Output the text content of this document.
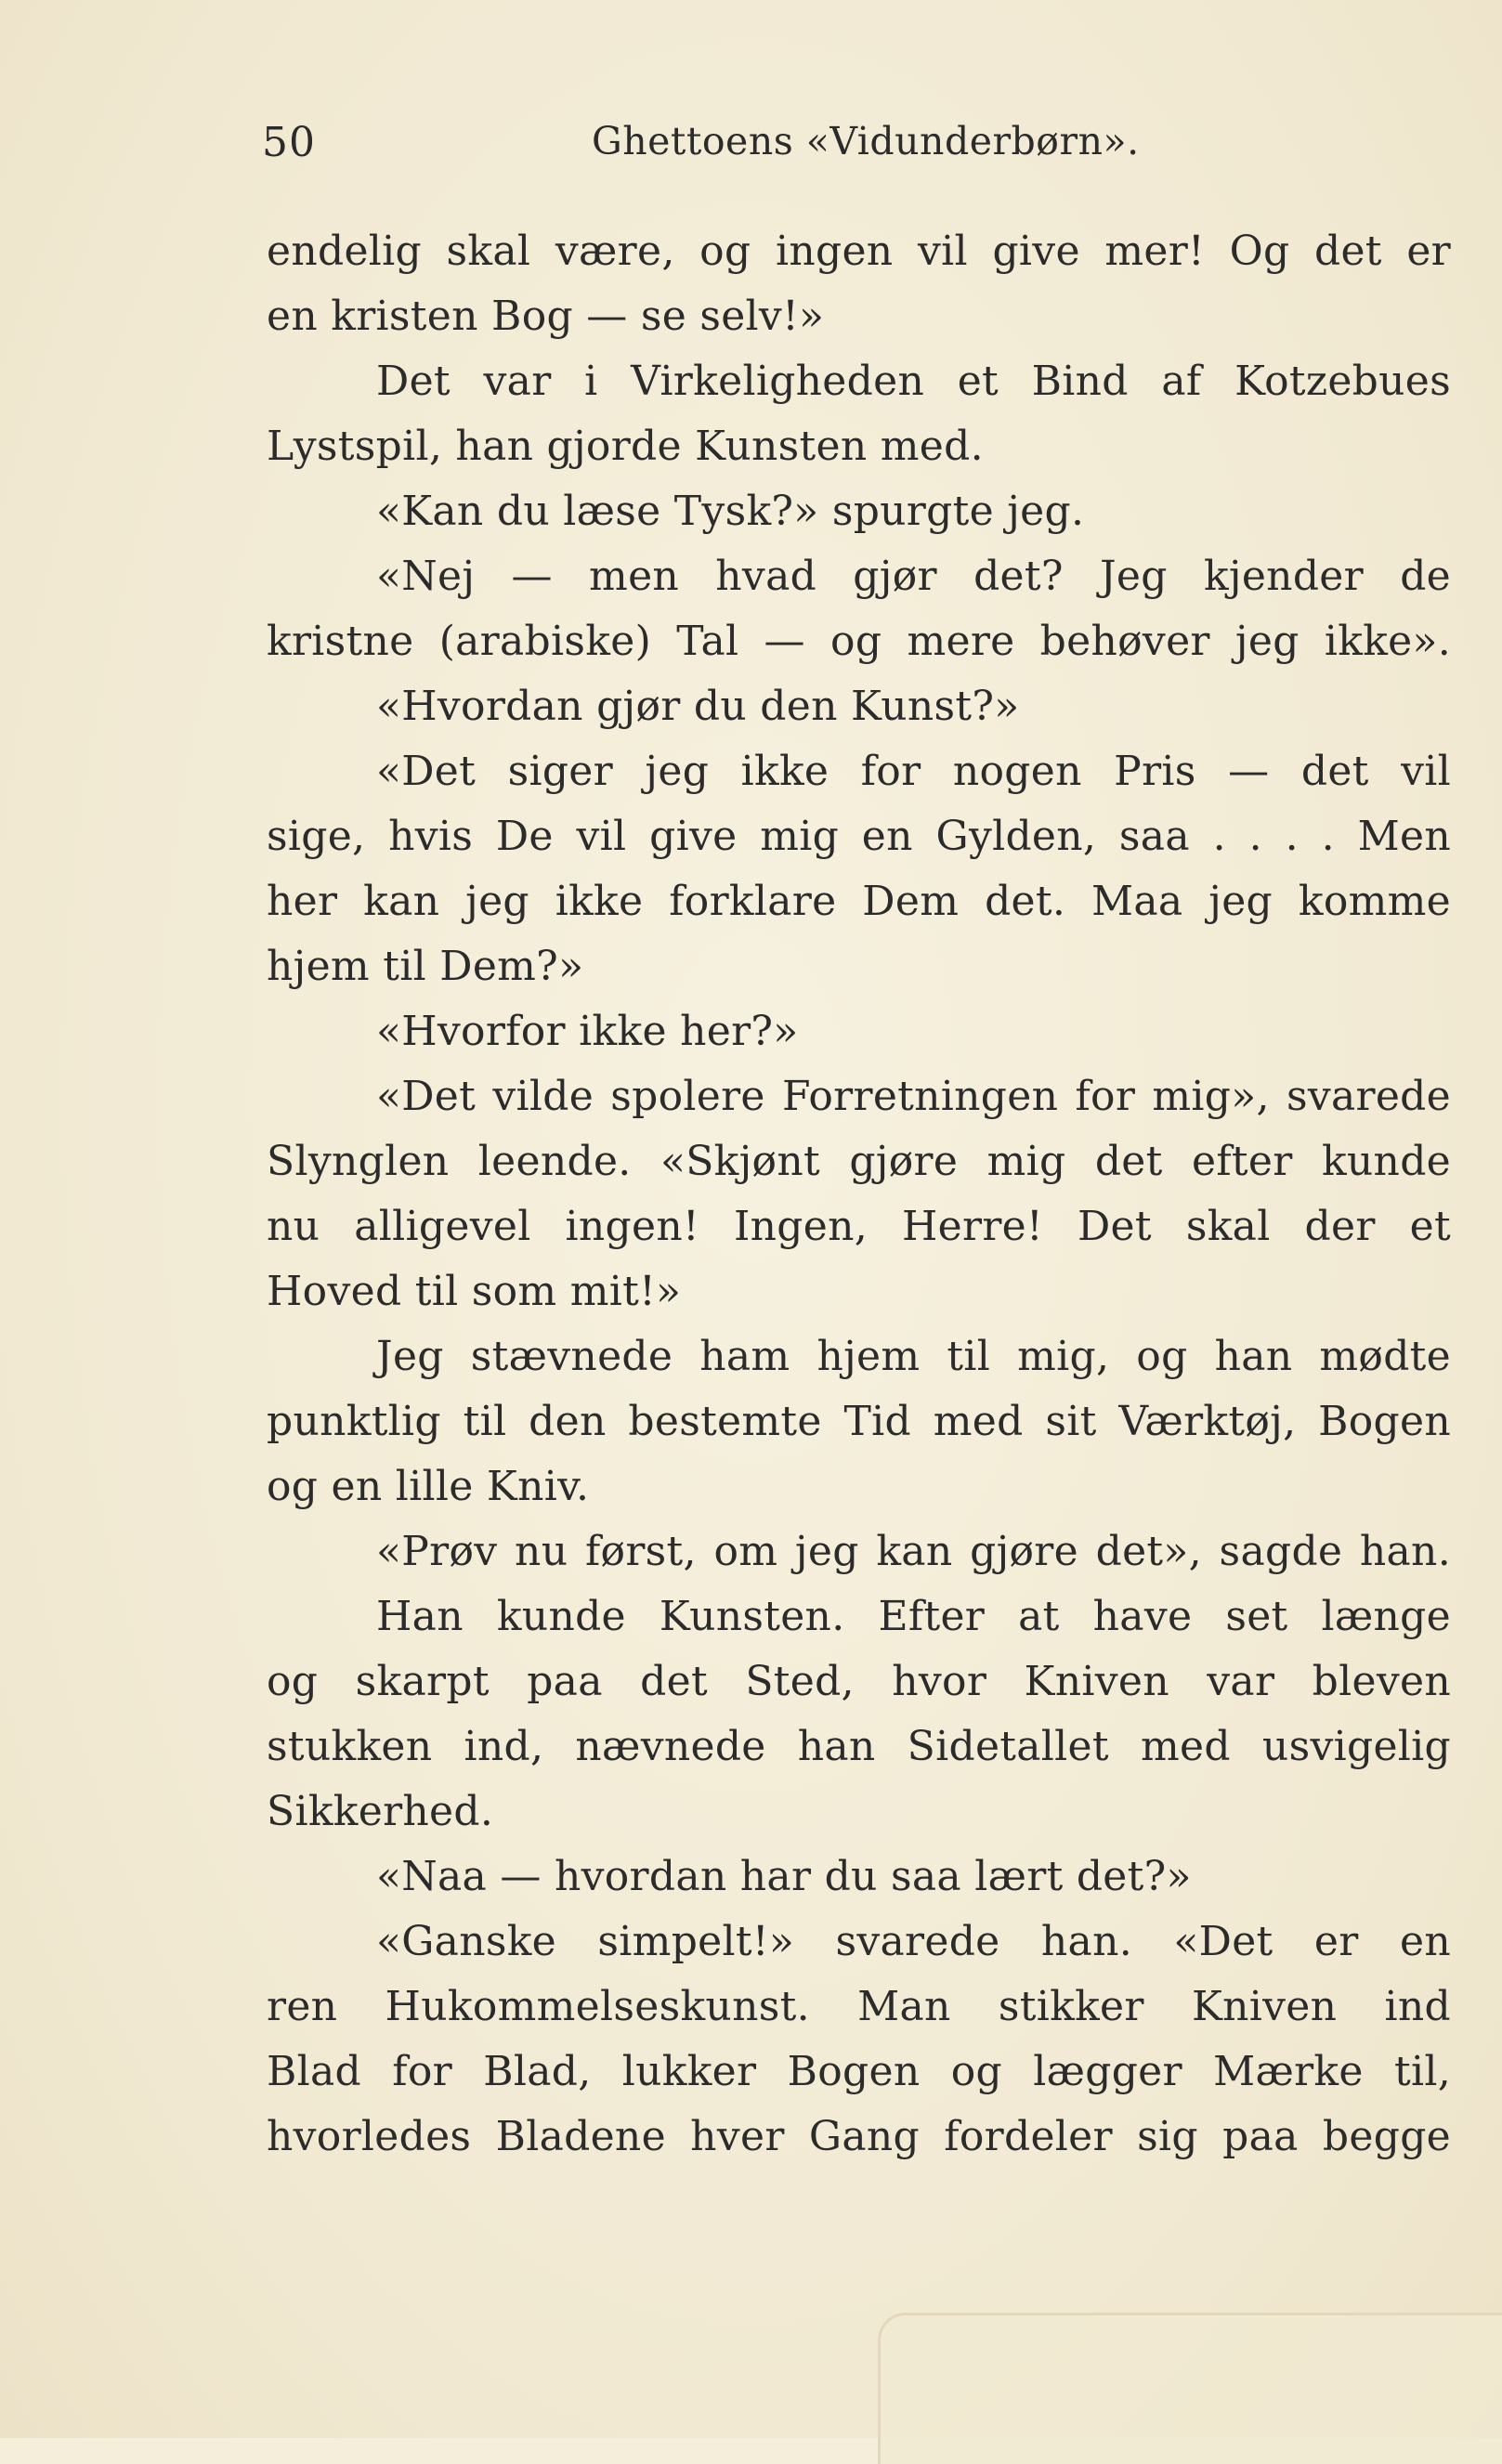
50	Ghettoens «Vidunderbørn».
endelig skal være, og ingen vil give mer! Og det er
en kristen Bog — se selv!»
Det var i Virkeligheden et Bind af Kotzebues
Lystspil, han gjorde Kunsten med.
«Kan du læse Tysk?» spurgte jeg.
«Nej — men hvad gjør det? Jeg kjender de
kristne (arabiske) Tal — og mere behøver jeg ikke».
«Hvordan gjør du den Kunst?»
«Det siger jeg ikke for nogen Pris — det vil
sige, hvis De vil give mig en Gylden, saa . . . . Men
her kan jeg ikke forklare Dem det. Maa jeg komme
hjem til Dem?»
«Hvorfor ikke her?»
«Det vilde spolere Forretningen for mig», svarede
Slynglen leende. «Skjønt gjøre mig det efter kunde
nu alligevel ingen! Ingen, Herre! Det skal der et
Hoved til som mit!»
Jeg stævnede ham hjem til mig, og han mødte
punktlig til den bestemte Tid med sit Værktøj, Bogen
og en lille Kniv.
«Prøv nu først, om jeg kan gjøre det», sagde han.
Han kunde Kunsten. Efter at have set længe
og skarpt paa det Sted, hvor Kniven var bleven
stukken ind, nævnede han Sidetallet med usvigelig
Sikkerhed.
«Naa — hvordan har du saa lært det?»
«Ganske simpelt!» svarede han. «Det er en
ren Hukommelseskunst. Man stikker Kniven ind
Blad for Blad, lukker Bogen og lægger Mærke til,
hvorledes Bladene hver Gang fordeler sig paa begge
